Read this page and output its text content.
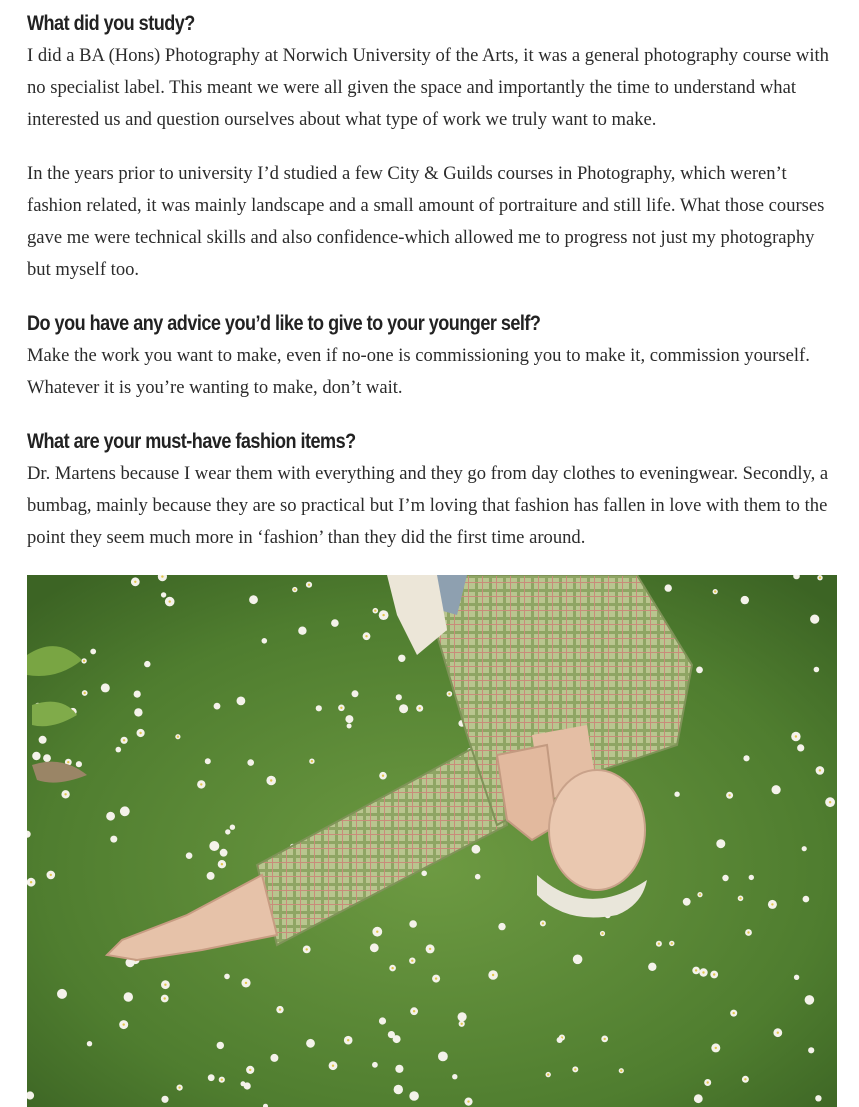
What did you study?

I did a BA (Hons) Photography at Norwich University of the Arts, it was a general photography course with no specialist label. This meant we were all given the space and importantly the time to understand what interested us and question ourselves about what type of work we truly want to make.

In the years prior to university I’d studied a few City & Guilds courses in Photography, which weren’t fashion related, it was mainly landscape and a small amount of portraiture and still life. What those courses gave me were technical skills and also confidence-which allowed me to progress not just my photography but myself too.

Do you have any advice you’d like to give to your younger self?

Make the work you want to make, even if no-one is commissioning you to make it, commission yourself. Whatever it is you’re wanting to make, don’t wait.

What are your must-have fashion items?

Dr. Martens because I wear them with everything and they go from day clothes to eveningwear. Secondly, a bumbag, mainly because they are so practical but I’m loving that fashion has fallen in love with them to the point they seem much more in ‘fashion’ than they did the first time around.
